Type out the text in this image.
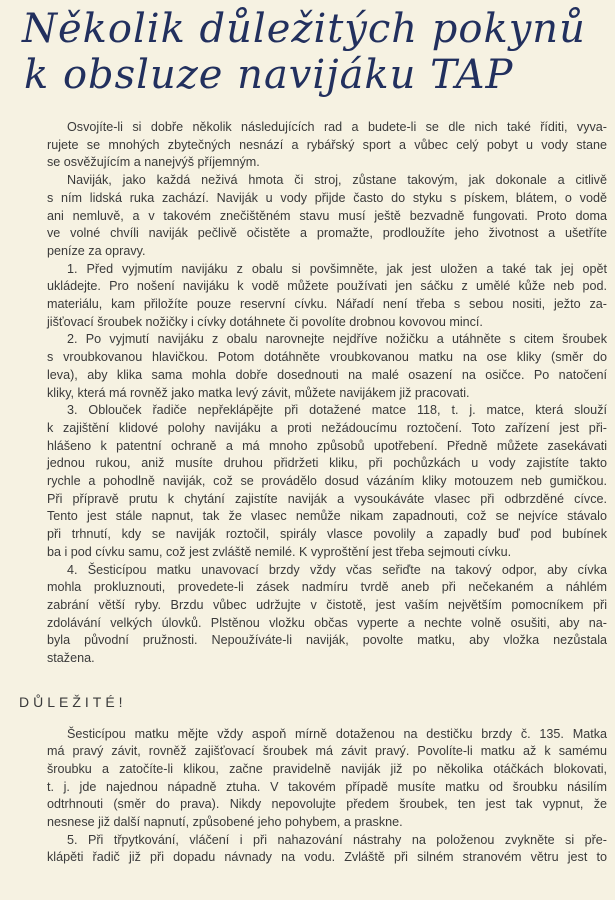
Několik důležitých pokynů
k obsluze navijáku TAP
Osvojíte-li si dobře několik následujících rad a budete-li se dle nich také říditi, vyva-
rujete se mnohých zbytečných nesnází a rybářský sport a vůbec celý pobyt u vody stane
se osvěžujícím a nanejvýš příjemným.
Naviják, jako každá neživá hmota či stroj, zůstane takovým, jak dokonale a citlivě
s ním lidská ruka zachází. Naviják u vody přijde často do styku s pískem, blátem, o vodě
ani nemluvě, a v takovém znečištěném stavu musí ještě bezvadně fungovati. Proto doma
ve volné chvíli naviják pečlivě očistěte a promažte, prodloužíte jeho životnost a ušetříte
peníze za opravy.
1. Před vyjmutím navijáku z obalu si povšimněte, jak jest uložen a také tak jej opět
ukládejte. Pro nošení navijáku k vodě můžete používati jen sáčku z umělé kůže neb pod.
materiálu, kam přiložíte pouze reservní cívku. Nářadí není třeba s sebou nositi, ježto za-
jišťovací šroubek nožičky i cívky dotáhnete či povolíte drobnou kovovou mincí.
2. Po vyjmutí navijáku z obalu narovnejte nejdříve nožičku a utáhněte s citem šroubek
s vroubkovanou hlavičkou. Potom dotáhněte vroubkovanou matku na ose kliky (směr do
leva), aby klika sama mohla dobře dosednouti na malé osazení na osičce. Po natočení
kliky, která má rovněž jako matka levý závit, můžete navijákem již pracovati.
3. Oblouček řadiče nepřeklápějte při dotažené matce 118, t. j. matce, která slouží
k zajištění klidové polohy navijáku a proti nežádoucímu roztočení. Toto zařízení jest při-
hlášeno k patentní ochraně a má mnoho způsobů upotřebení. Předně můžete zasekávati
jednou rukou, aniž musíte druhou přidržeti kliku, při pochůzkách u vody zajistíte takto
rychle a pohodlně naviják, což se provádělo dosud vázáním kliky motouzem neb gumičkou.
Při přípravě prutu k chytání zajistíte naviják a vysoukáváte vlasec při odbrzděné cívce.
Tento jest stále napnut, tak že vlasec nemůže nikam zapadnouti, což se nejvíce stávalo
při trhnutí, kdy se naviják roztočil, spirály vlasce povolily a zapadly buď pod bubínek
ba i pod cívku samu, což jest zvláště nemilé. K vyproštění jest třeba sejmouti cívku.
4. Šesticípou matku unavovací brzdy vždy včas seřiďte na takový odpor, aby cívka
mohla prokluznouti, provedete-li zásek nadmíru tvrdě aneb při nečekaném a náhlém
zabrání větší ryby. Brzdu vůbec udržujte v čistotě, jest vaším největším pomocníkem při
zdolávání velkých úlovků. Plstěnou vložku občas vyperte a nechte volně osušiti, aby na-
byla původní pružnosti. Nepoužíváte-li naviják, povolte matku, aby vložka nezůstala
stažena.
DŮLEŽITÉ!
Šesticípou matku mějte vždy aspoň mírně dotaženou na destičku brzdy č. 135. Matka
má pravý závit, rovněž zajišťovací šroubek má závit pravý. Povolíte-li matku až k samému
šroubku a zatočíte-li klikou, začne pravidelně naviják již po několika otáčkách blokovati,
t. j. jde najednou nápadně ztuha. V takovém případě musíte matku od šroubku násilím
odtrhnouti (směr do prava). Nikdy nepovolujte předem šroubek, ten jest tak vypnut, že
nesnese již další napnutí, způsobené jeho pohybem, a praskne.
5. Při třpytkování, vláčení i při nahazování nástrahy na položenou zvykněte si pře-
klápěti řadič již při dopadu návnady na vodu. Zvláště při silném stranovém větru jest to
